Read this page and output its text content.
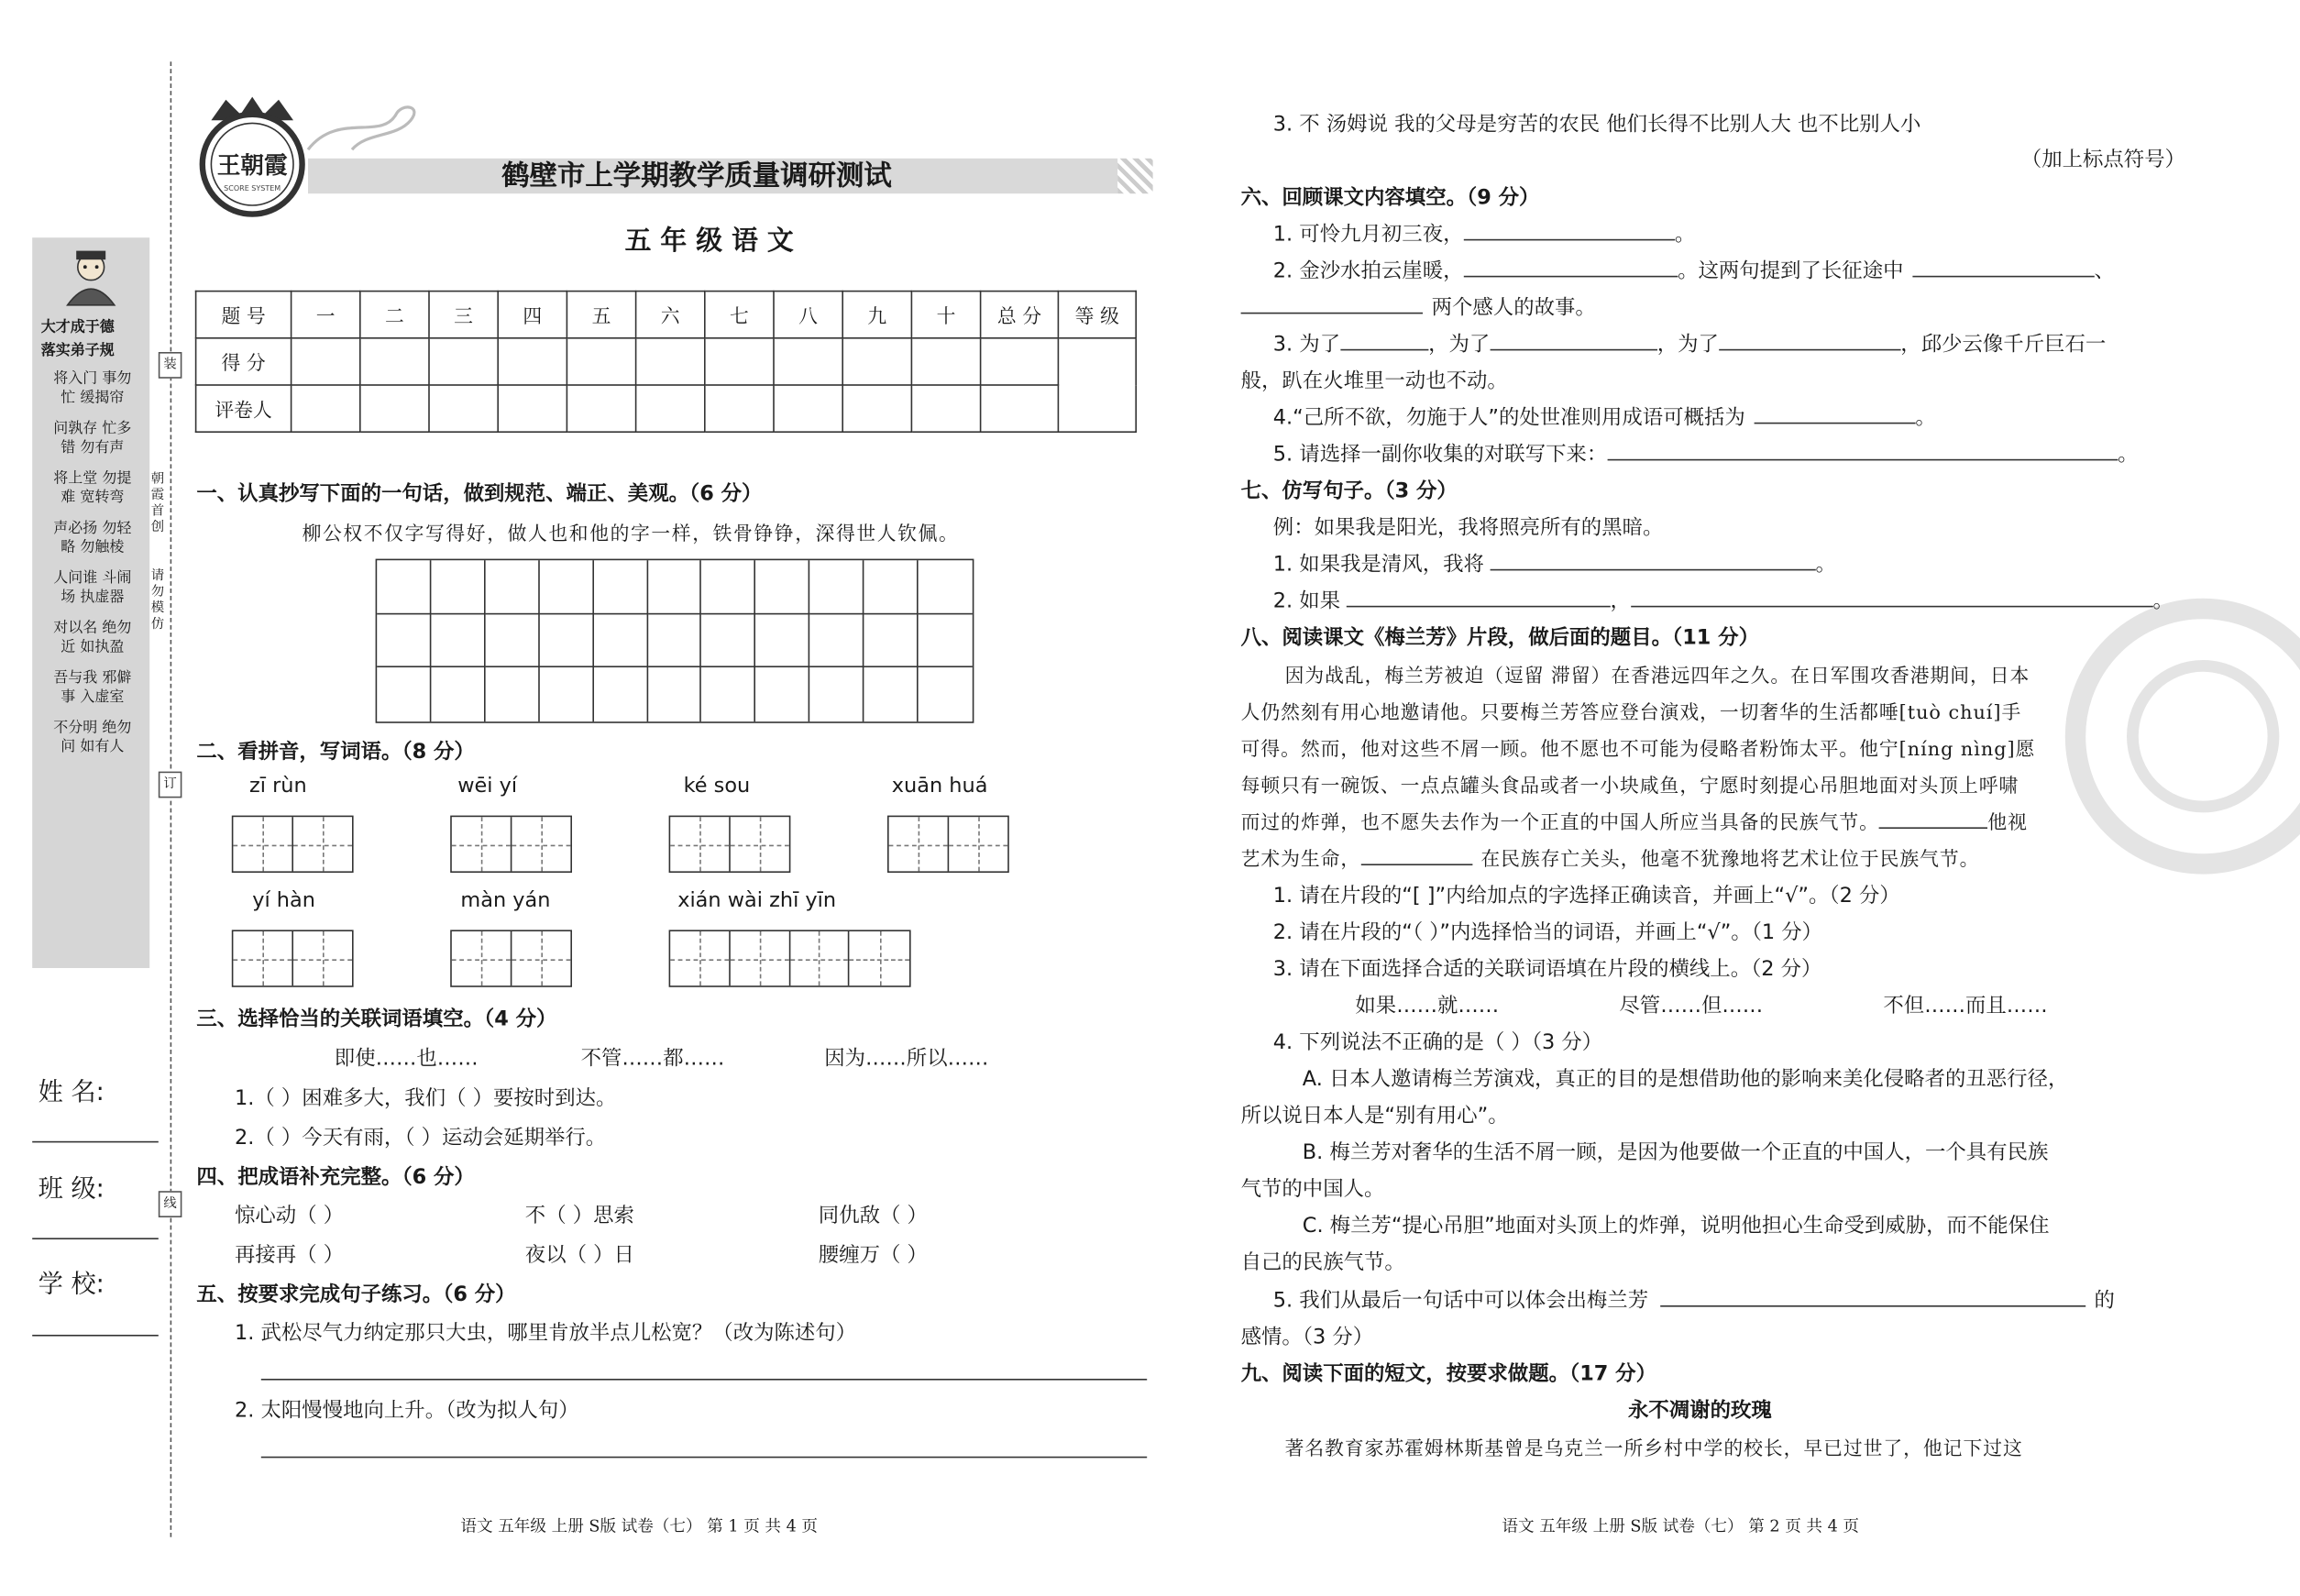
装
订
线
朝霞首创
请勿模仿
大才成于德
落实弟子规
将入门 事勿忙 缓揭帘
问孰存 忙多错 勿有声
将上堂 勿提难 宽转弯
声必扬 勿轻略 勿触棱
人问谁 斗闹场 执虚器
对以名 绝勿近 如执盈
吾与我 邪僻事 入虚室
不分明 绝勿问 如有人
姓 名:
班 级:
学 校:
王朝霞
SCORE SYSTEM	鹤壁市上学期教学质量调研测试
五 年 级 语 文
题 号	一	二	三	四	五	六	七	八	九	十	总 分	等 级
得 分												
评卷人												
一、认真抄写下面的一句话，做到规范、端正、美观。（6 分）
柳公权不仅字写得好，做人也和他的字一样，铁骨铮铮，深得世人钦佩。
二、看拼音，写词语。（8 分）
zī rùn	wēi yí	ké sou	xuān huá
yí hàn	màn yán	xián wài zhī yīn
三、选择恰当的关联词语填空。（4 分）
即使……也……	不管……都……	因为……所以……
1.（ ）困难多大，我们（ ）要按时到达。
2.（ ）今天有雨，（ ）运动会延期举行。
四、把成语补充完整。（6 分）
惊心动（ ）	不（ ）思索	同仇敌（ ）
再接再（ ）	夜以（ ）日	腰缠万（ ）
五、按要求完成句子练习。（6 分）
1. 武松尽气力纳定那只大虫，哪里肯放半点儿松宽？（改为陈述句）
2. 太阳慢慢地向上升。（改为拟人句）
语文 五年级 上册 S版 试卷（七） 第 1 页 共 4 页
3. 不 汤姆说 我的父母是穷苦的农民 他们长得不比别人大 也不比别人小
（加上标点符号）
六、回顾课文内容填空。（9 分）
1. 可怜九月初三夜，	。
2. 金沙水拍云崖暖，	。这两句提到了长征途中	、
两个感人的故事。
3. 为了	，为了	，为了	，邱少云像千斤巨石一
般，趴在火堆里一动也不动。
4.“己所不欲，勿施于人”的处世准则用成语可概括为	。
5. 请选择一副你收集的对联写下来：	。
七、仿写句子。（3 分）
例：如果我是阳光，我将照亮所有的黑暗。
1. 如果我是清风，我将	。
2. 如果	，	。
八、阅读课文《梅兰芳》片段，做后面的题目。（11 分）
因为战乱，梅兰芳被迫（逗留 滞留）在香港远四年之久。在日军围攻香港期间，日本
人仍然刻有用心地邀请他。只要梅兰芳答应登台演戏，一切奢华的生活都唾[tuò chuí]手
可得。然而，他对这些不屑一顾。他不愿也不可能为侵略者粉饰太平。他宁[níng nìng]愿
每顿只有一碗饭、一点点罐头食品或者一小块咸鱼，宁愿时刻提心吊胆地面对头顶上呼啸
而过的炸弹，也不愿失去作为一个正直的中国人所应当具备的民族气节。	他视
艺术为生命，	在民族存亡关头，他毫不犹豫地将艺术让位于民族气节。
1. 请在片段的“[ ]”内给加点的字选择正确读音，并画上“√”。（2 分）
2. 请在片段的“（ ）”内选择恰当的词语，并画上“√”。（1 分）
3. 请在下面选择合适的关联词语填在片段的横线上。（2 分）
如果……就……	尽管……但……	不但……而且……
4. 下列说法不正确的是（ ）（3 分）
A. 日本人邀请梅兰芳演戏，真正的目的是想借助他的影响来美化侵略者的丑恶行径，
所以说日本人是“别有用心”。
B. 梅兰芳对奢华的生活不屑一顾，是因为他要做一个正直的中国人，一个具有民族
气节的中国人。
C. 梅兰芳“提心吊胆”地面对头顶上的炸弹，说明他担心生命受到威胁，而不能保住
自己的民族气节。
5. 我们从最后一句话中可以体会出梅兰芳	的
感情。（3 分）
九、阅读下面的短文，按要求做题。（17 分）
永不凋谢的玫瑰
著名教育家苏霍姆林斯基曾是乌克兰一所乡村中学的校长，早已过世了，他记下过这
语文 五年级 上册 S版 试卷（七） 第 2 页 共 4 页
